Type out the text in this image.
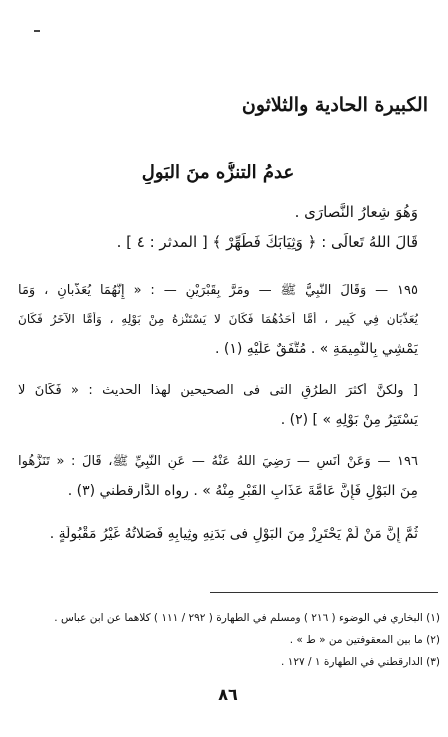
الكبيرة الحادية والثلاثون
عدمُ التنزُّه منَ البَولِ
وَهُوَ شِعارُ النَّصارَى .
قَالَ اللهُ تَعالَى : ﴿ وَثِيَابَكَ فَطَهِّرْ ﴾ [ المدثر : ٤ ] .
١٩٥ — وَقَالَ النَّبِيُّ ﷺ — ومَرَّ بِقَبْرَيْنِ — : « إِنَّهُمَا يُعَذَّبانِ ، وَمَا
يُعَذَّبَانِ فِي كَبِيرٍ ، أَمَّا أَحَدُهُمَا فَكَانَ لا يَسْتَنْزِهُ مِنْ بَوْلِهِ ، وَأَمَّا الآخَرُ فَكَانَ
يَمْشِي بِالنَّمِيمَةِ » . مُتَّفَقٌ عَلَيْهِ (١) .
[ ولكنَّ أكثرَ الطُّرُقِ التى فى الصحيحين لهذا الحديث : « فَكَانَ لا
يَسْتَتِرُ مِنْ بَوْلِهِ » ] (٢) .
١٩٦ — وَعَنْ أَنَسٍ — رَضِيَ اللهُ عَنْهُ — عَنِ النَّبِيِّ ﷺ، قَالَ : « تَنَزَّهُوا
مِنَ البَوْلِ فَإِنَّ عَامَّةَ عَذَابِ القَبْرِ مِنْهُ » . رواه الدَّارقطني (٣) .
ثُمَّ إِنَّ مَنْ لَمْ يَحْتَرِزْ مِنَ البَوْلِ فى بَدَنِهِ وثِيابِهِ فَصَلاتُهُ غَيْرُ مَقْبُولَةٍ .
(١) البخاري في الوضوء ( ٢١٦ ) ومسلم في الطهارة ( ٢٩٢ / ١١١ ) كلاهما عن ابن عباس .
(٢) ما بين المعقوفتين من « ط » .
(٣) الدارقطني في الطهارة ١ / ١٢٧ .
٨٦
